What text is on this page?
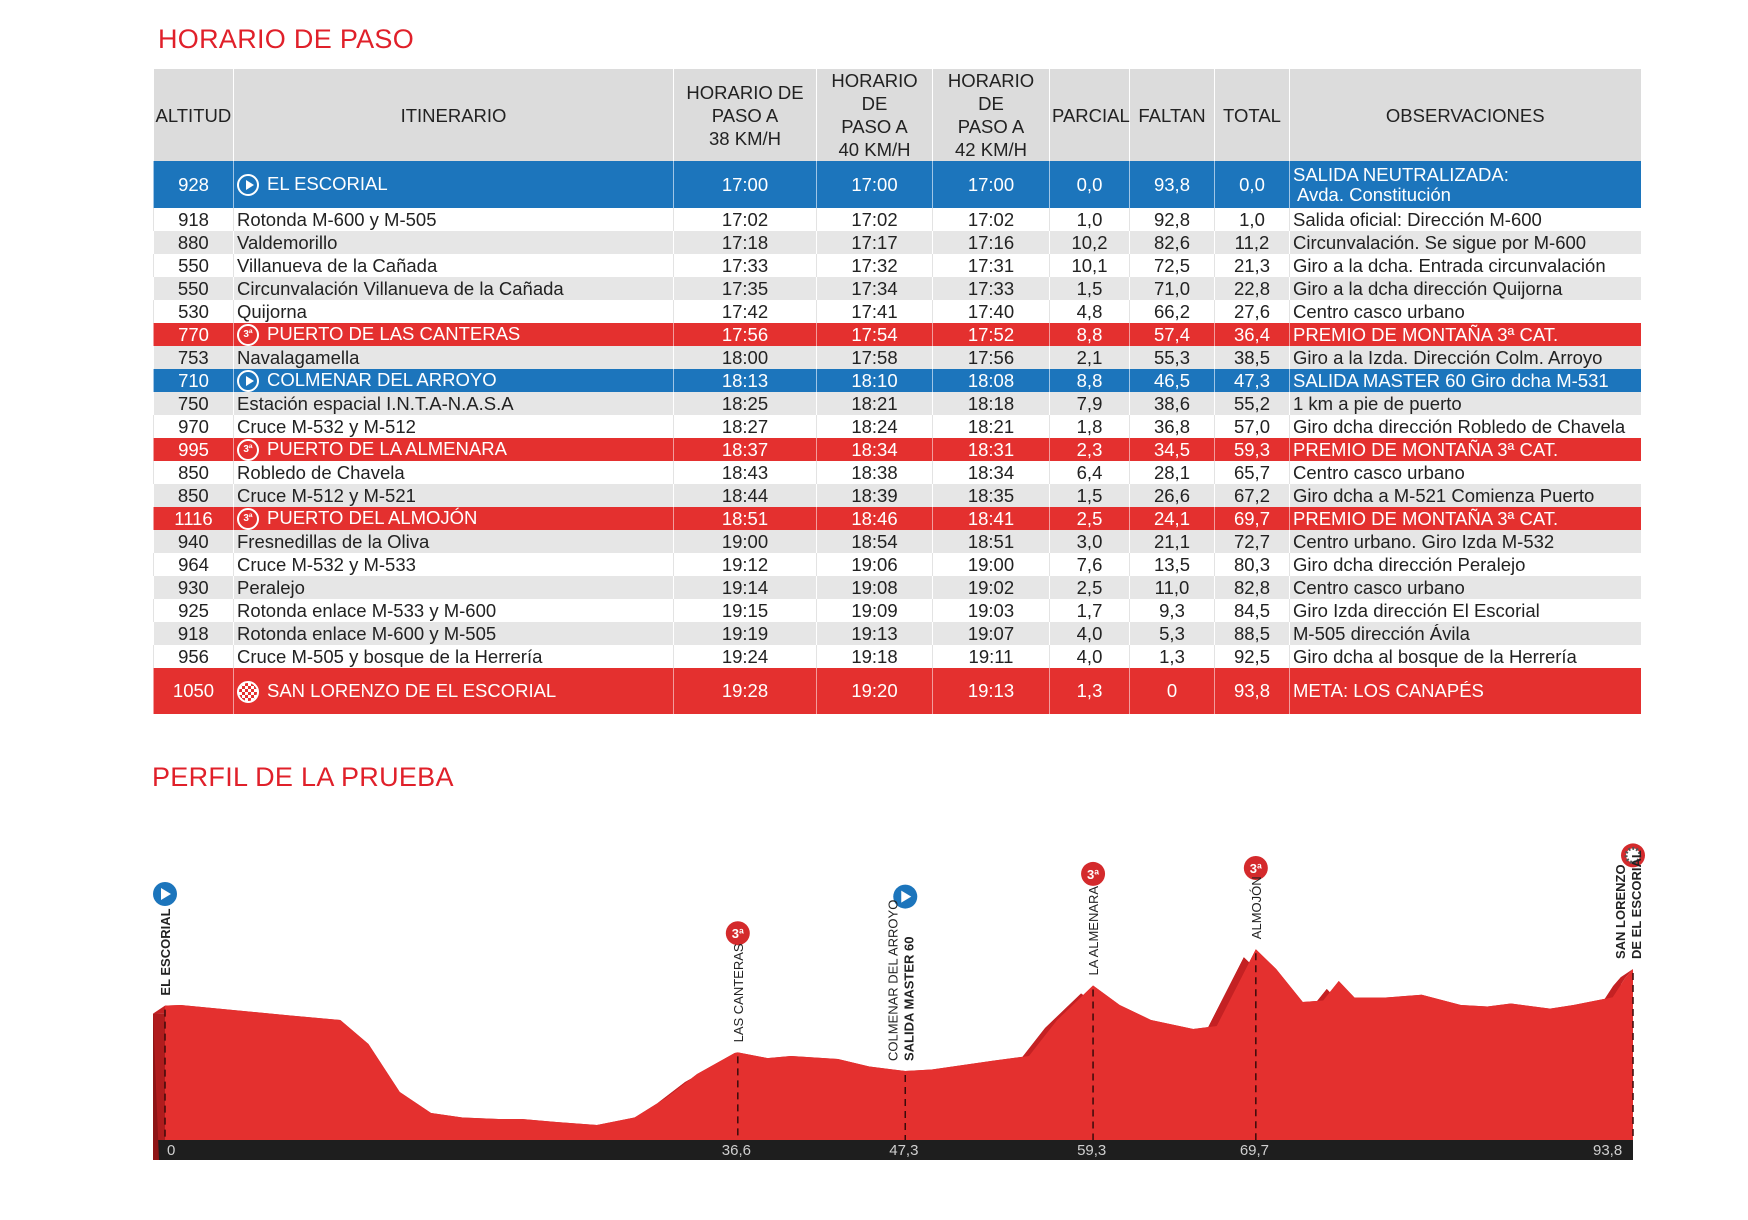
HORARIO DE PASO
ALTITUD	ITINERARIO	HORARIO DE
PASO A
38 KM/H	HORARIO DE
PASO A
40 KM/H	HORARIO DE
PASO A
42 KM/H	PARCIAL	FALTAN	TOTAL	OBSERVACIONES
928	EL ESCORIAL	17:00	17:00	17:00	0,0	93,8	0,0	SALIDA NEUTRALIZADA:
Avda. Constitución

918	Rotonda M-600 y M-505	17:02	17:02	17:02	1,0	92,8	1,0	Salida oficial: Dirección M-600
880	Valdemorillo	17:18	17:17	17:16	10,2	82,6	11,2	Circunvalación. Se sigue por M-600
550	Villanueva de la Cañada	17:33	17:32	17:31	10,1	72,5	21,3	Giro a la dcha. Entrada circunvalación
550	Circunvalación Villanueva de la Cañada	17:35	17:34	17:33	1,5	71,0	22,8	Giro a la dcha dirección Quijorna
530	Quijorna	17:42	17:41	17:40	4,8	66,2	27,6	Centro casco urbano
770	3ª PUERTO DE LAS CANTERAS	17:56	17:54	17:52	8,8	57,4	36,4	PREMIO DE MONTAÑA 3ª CAT.
753	Navalagamella	18:00	17:58	17:56	2,1	55,3	38,5	Giro a la Izda. Dirección Colm. Arroyo
710	COLMENAR DEL ARROYO	18:13	18:10	18:08	8,8	46,5	47,3	SALIDA MASTER 60 Giro dcha M-531
750	Estación espacial I.N.T.A-N.A.S.A	18:25	18:21	18:18	7,9	38,6	55,2	1 km a pie de puerto
970	Cruce M-532 y M-512	18:27	18:24	18:21	1,8	36,8	57,0	Giro dcha dirección Robledo de Chavela
995	3ª PUERTO DE LA ALMENARA	18:37	18:34	18:31	2,3	34,5	59,3	PREMIO DE MONTAÑA 3ª CAT.
850	Robledo de Chavela	18:43	18:38	18:34	6,4	28,1	65,7	Centro casco urbano
850	Cruce M-512 y M-521	18:44	18:39	18:35	1,5	26,6	67,2	Giro dcha a M-521 Comienza Puerto
1116	3ª PUERTO DEL ALMOJÓN	18:51	18:46	18:41	2,5	24,1	69,7	PREMIO DE MONTAÑA 3ª CAT.
940	Fresnedillas de la Oliva	19:00	18:54	18:51	3,0	21,1	72,7	Centro urbano. Giro Izda M-532
964	Cruce M-532 y M-533	19:12	19:06	19:00	7,6	13,5	80,3	Giro dcha dirección Peralejo
930	Peralejo	19:14	19:08	19:02	2,5	11,0	82,8	Centro casco urbano
925	Rotonda enlace M-533 y M-600	19:15	19:09	19:03	1,7	9,3	84,5	Giro Izda dirección El Escorial
918	Rotonda enlace M-600 y M-505	19:19	19:13	19:07	4,0	5,3	88,5	M-505 dirección Ávila
956	Cruce M-505 y bosque de la Herrería	19:24	19:18	19:11	4,0	1,3	92,5	Giro dcha al bosque de la Herrería
1050	SAN LORENZO DE EL ESCORIAL	19:28	19:20	19:13	1,3	0	93,8	META: LOS CANAPÉS
PERFIL DE LA PRUEBA
EL ESCORIAL
0
3ª
LAS CANTERAS
36,6
COLMENAR DEL ARROYO SALIDA MASTER 60
47,3
3ª
LA ALMENARA
59,3
3ª
ALMOJÓN
69,7
SAN LORENZO DE EL ESCORIAL
93,8
